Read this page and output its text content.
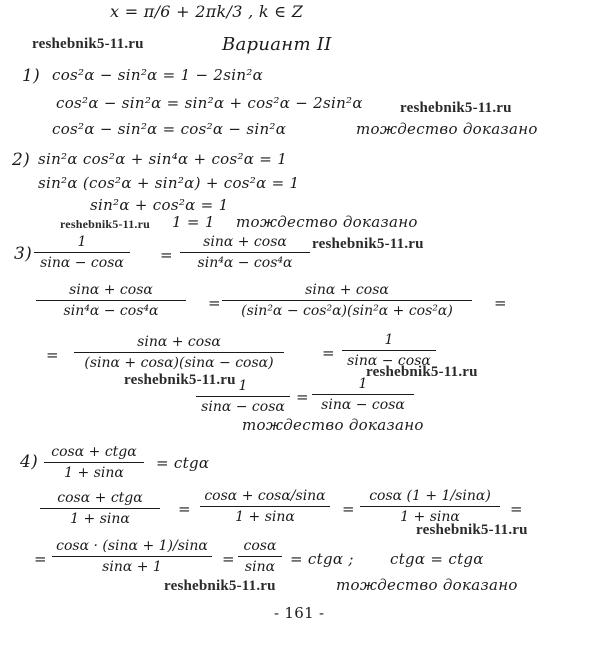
x = π/6 + 2πk/3 , k ∈ Z
reshebnik5-11.ru	Вариант II
1) cos²α − sin²α = 1 − 2sin²α
cos²α − sin²α = sin²α + cos²α − 2sin²α reshebnik5-11.ru
cos²α − sin²α = cos²α − sin²α	тождество доказано
2) sin²α cos²α + sin⁴α + cos²α = 1
sin²α (cos²α + sin²α) + cos²α = 1
sin²α + cos²α = 1
reshebnik5-11.ru 1 = 1 тождество доказано
3)
1
sinα − cosα =
sinα + cosα
sin⁴α − cos⁴α
reshebnik5-11.ru
sinα + cosα
sin⁴α − cos⁴α	=
sinα + cosα
(sin²α − cos²α)(sin²α + cos²α)	=
=
sinα + cosα
(sinα + cosα)(sinα − cosα)
=
1
sinα − cosα
reshebnik5-11.ru	reshebnik5-11.ru
1
sinα − cosα
=
1
sinα − cosα
тождество доказано
4) cosα + ctgα
1 + sinα
= ctgα
cosα + ctgα
1 + sinα
=
cosα + cosα/sinα
1 + sinα	=
cosα (1 + 1/sinα)
1 + sinα	=
reshebnik5-11.ru
=
cosα · (sinα + 1)/sinα
sinα + 1	=
cosα
sinα = ctgα ; ctgα = ctgα
reshebnik5-11.ru	тождество доказано
- 161 -
